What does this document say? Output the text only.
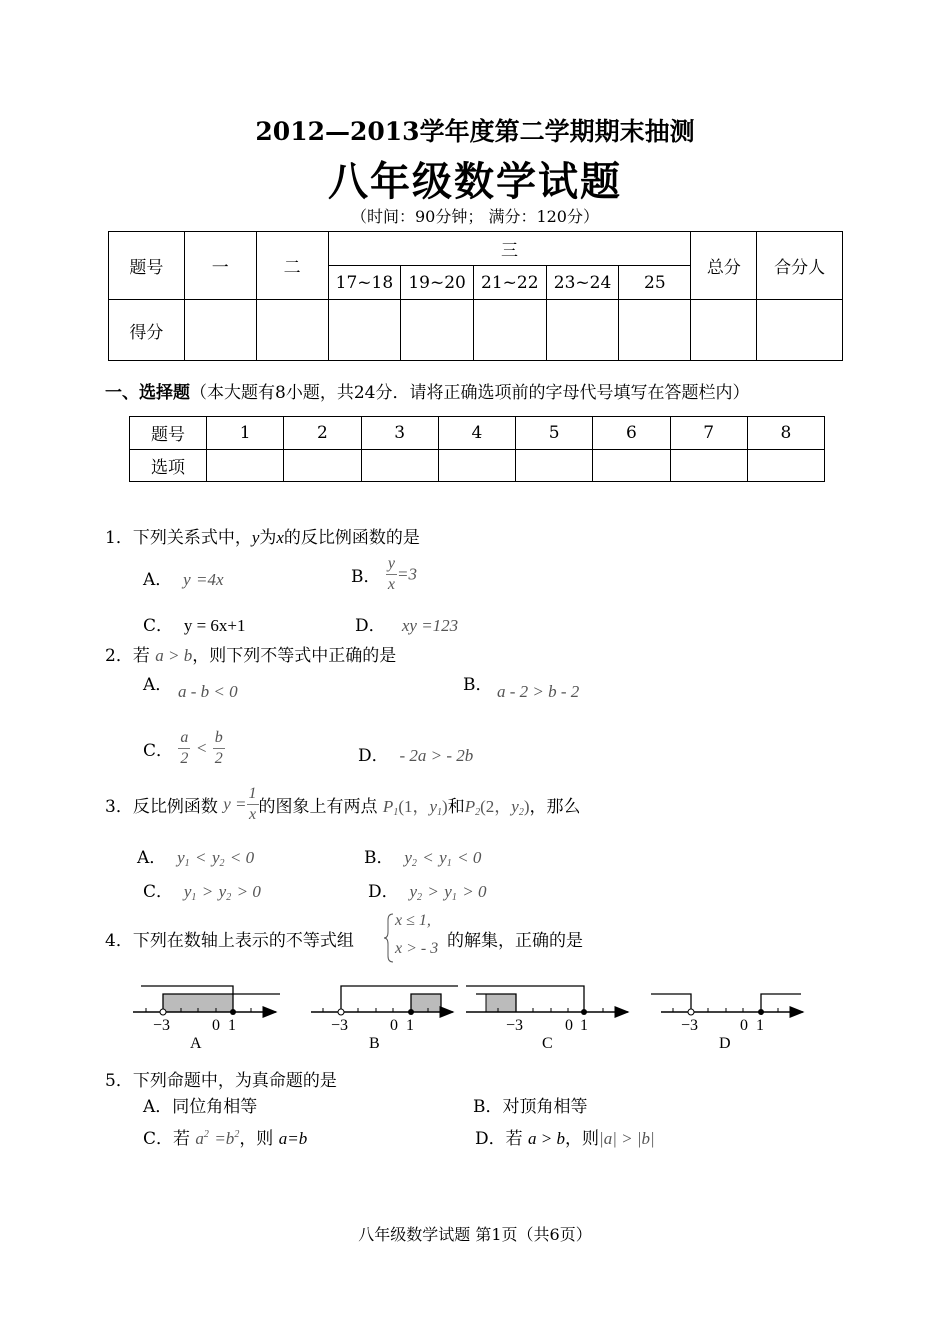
2012—2013学年度第二学期期末抽测
八年级数学试题
（时间：90分钟； 满分：120分）
题号	一	二	三					总分	合分人
			17~18	19~20	21~22	23~24	25		
得分									
一、选择题（本大题有8小题，共24分．请将正确选项前的字母代号填写在答题栏内）
题号	1	2	3	4	5	6	7	8
选项								
1．下列关系式中，y为x的反比例函数的是
A． y =4x	B． $\frac{y}{x} =3$
C． y = 6x+1	D． xy =123
2．若 a > b，则下列不等式中正确的是
A． a - b < 0	B． a - 2 > b - 2
C． $\frac{a}{2} < \frac{b}{2}$	D． - 2a > - 2b
3．反比例函数 $y = \frac{1}{x}$ 的图象上有两点 $P_1(1$，$y_1$)和$P_2(2$，$y_2$)，那么
A． $y_1 < y_2 < 0$	B． $y_2 < y_1 < 0$
C． $y_1 > y_2 > 0$	D． $y_2 > y_1 > 0$
4．下列在数轴上表示的不等式组
x ≤ 1,
x > - 3 的解集，正确的是
−3	0 1
A
−3	0 1
B
−3	0 1
C
−3	0 1
D
5．下列命题中，为真命题的是
A．同位角相等	B．对顶角相等
C．若 $a^2 =b^2$，则 a=b	D．若 a > b，则|a| > |b|
八年级数学试题 第1页（共6页）
